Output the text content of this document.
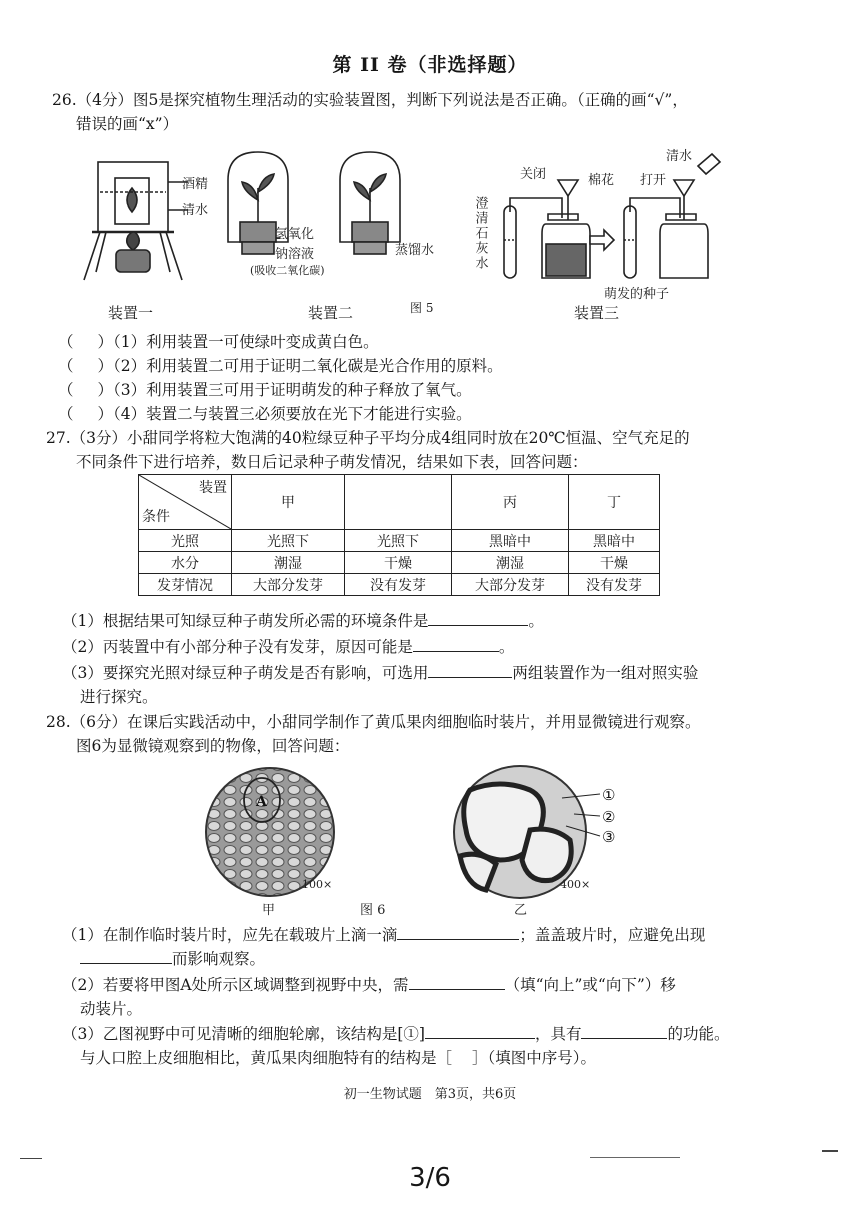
第 II 卷（非选择题）
26.（4分）图5是探究植物生理活动的实验装置图，判断下列说法是否正确。（正确的画“√”，
错误的画“x”）
酒精
清水
氢氧化
钠溶液
(吸收二氧化碳)
蒸馏水
关闭	棉花 打开
清水
澄清石灰水
萌发的种子
装置一	装置二	图 5	装置三
（ ）（1）利用装置一可使绿叶变成黄白色。
（ ）（2）利用装置二可用于证明二氧化碳是光合作用的原料。
（ ）（3）利用装置三可用于证明萌发的种子释放了氧气。
（ ）（4）装置二与装置三必须要放在光下才能进行实验。
27.（3分）小甜同学将粒大饱满的40粒绿豆种子平均分成4组同时放在20℃恒温、空气充足的
不同条件下进行培养，数日后记录种子萌发情况，结果如下表，回答问题：
装置
条件	甲		丙	丁
光照	光照下	光照下	黑暗中	黑暗中
水分	潮湿	干燥	潮湿	干燥
发芽情况	大部分发芽	没有发芽	大部分发芽	没有发芽
（1）根据结果可知绿豆种子萌发所必需的环境条件是	。
（2）丙装置中有小部分种子没有发芽，原因可能是	。
（3）要探究光照对绿豆种子萌发是否有影响，可选用	两组装置作为一组对照实验
进行探究。
28.（6分）在课后实践活动中，小甜同学制作了黄瓜果肉细胞临时装片，并用显微镜进行观察。
图6为显微镜观察到的物像，回答问题：
A
100×
①
②
③
400×
甲	图 6	乙
（1）在制作临时装片时，应先在载玻片上滴一滴	；盖盖玻片时，应避免出现
而影响观察。
（2）若要将甲图A处所示区域调整到视野中央，需	（填“向上”或“向下”）移
动装片。
（3）乙图视野中可见清晰的细胞轮廓，该结构是[①]	，具有	的功能。
与人口腔上皮细胞相比，黄瓜果肉细胞特有的结构是［ ］（填图中序号）。
初一生物试题　第3页，共6页
3/6
